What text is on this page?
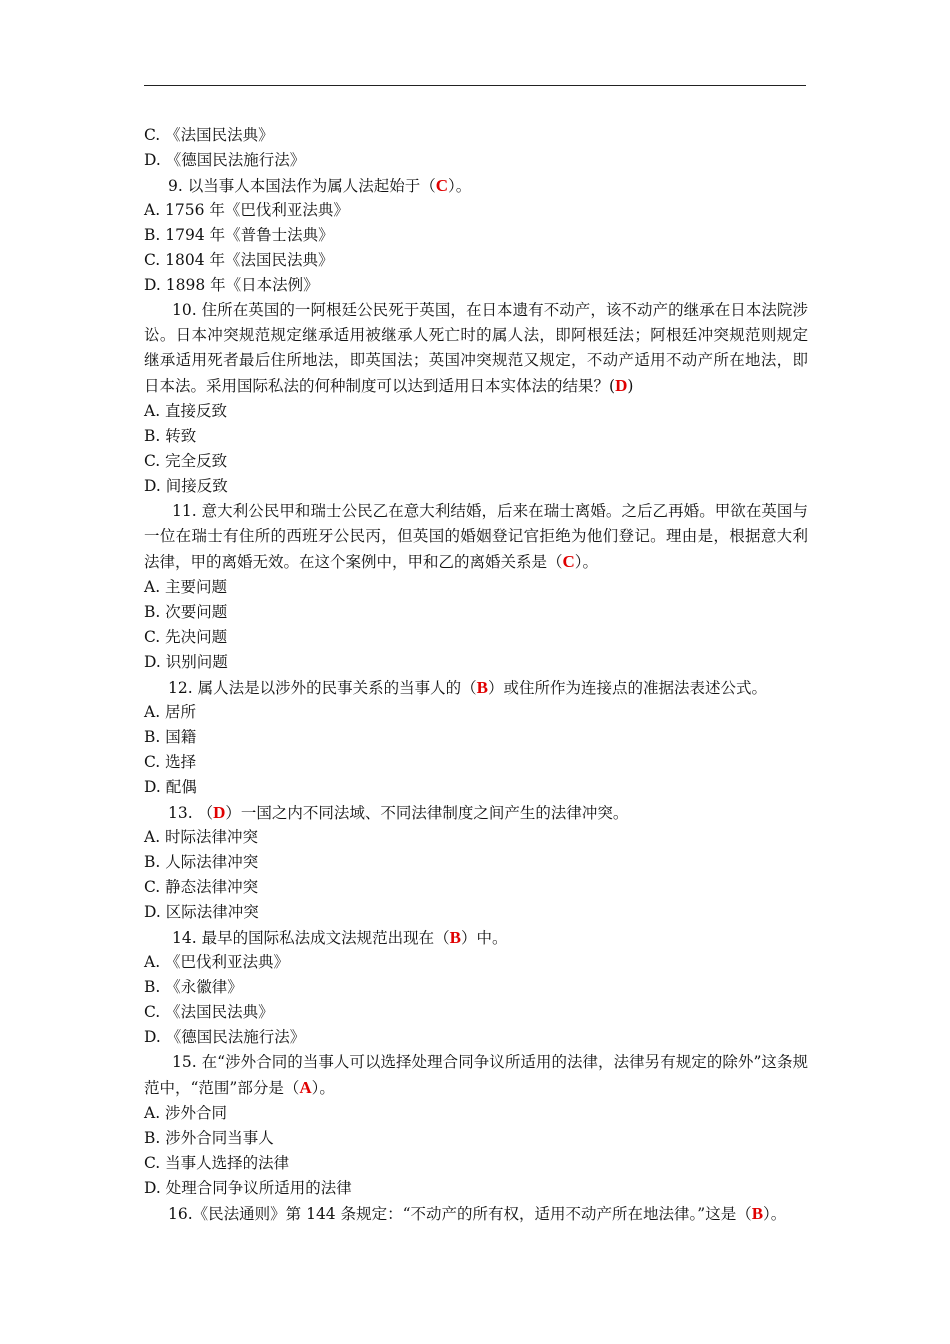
C. 《法国民法典》
D. 《德国民法施行法》
9. 以当事人本国法作为属人法起始于（C）。
A. 1756 年《巴伐利亚法典》
B. 1794 年《普鲁士法典》
C. 1804 年《法国民法典》
D. 1898 年《日本法例》
10. 住所在英国的一阿根廷公民死于英国，在日本遗有不动产，该不动产的继承在日本法院涉讼。日本冲突规范规定继承适用被继承人死亡时的属人法，即阿根廷法；阿根廷冲突规范则规定继承适用死者最后住所地法，即英国法；英国冲突规范又规定，不动产适用不动产所在地法，即日本法。采用国际私法的何种制度可以达到适用日本实体法的结果？(D)
A. 直接反致
B. 转致
C. 完全反致
D. 间接反致
11. 意大利公民甲和瑞士公民乙在意大利结婚，后来在瑞士离婚。之后乙再婚。甲欲在英国与一位在瑞士有住所的西班牙公民丙，但英国的婚姻登记官拒绝为他们登记。理由是，根据意大利法律，甲的离婚无效。在这个案例中，甲和乙的离婚关系是（C）。
A. 主要问题
B. 次要问题
C. 先决问题
D. 识别问题
12. 属人法是以涉外的民事关系的当事人的（B）或住所作为连接点的准据法表述公式。
A. 居所
B. 国籍
C. 选择
D. 配偶
13. （D）一国之内不同法域、不同法律制度之间产生的法律冲突。
A. 时际法律冲突
B. 人际法律冲突
C. 静态法律冲突
D. 区际法律冲突
14. 最早的国际私法成文法规范出现在（B）中。
A. 《巴伐利亚法典》
B. 《永徽律》
C. 《法国民法典》
D. 《德国民法施行法》
15. 在“涉外合同的当事人可以选择处理合同争议所适用的法律，法律另有规定的除外”这条规范中，“范围”部分是（A）。
A. 涉外合同
B. 涉外合同当事人
C. 当事人选择的法律
D. 处理合同争议所适用的法律
16.《民法通则》第 144 条规定：“不动产的所有权，适用不动产所在地法律。”这是（B）。
